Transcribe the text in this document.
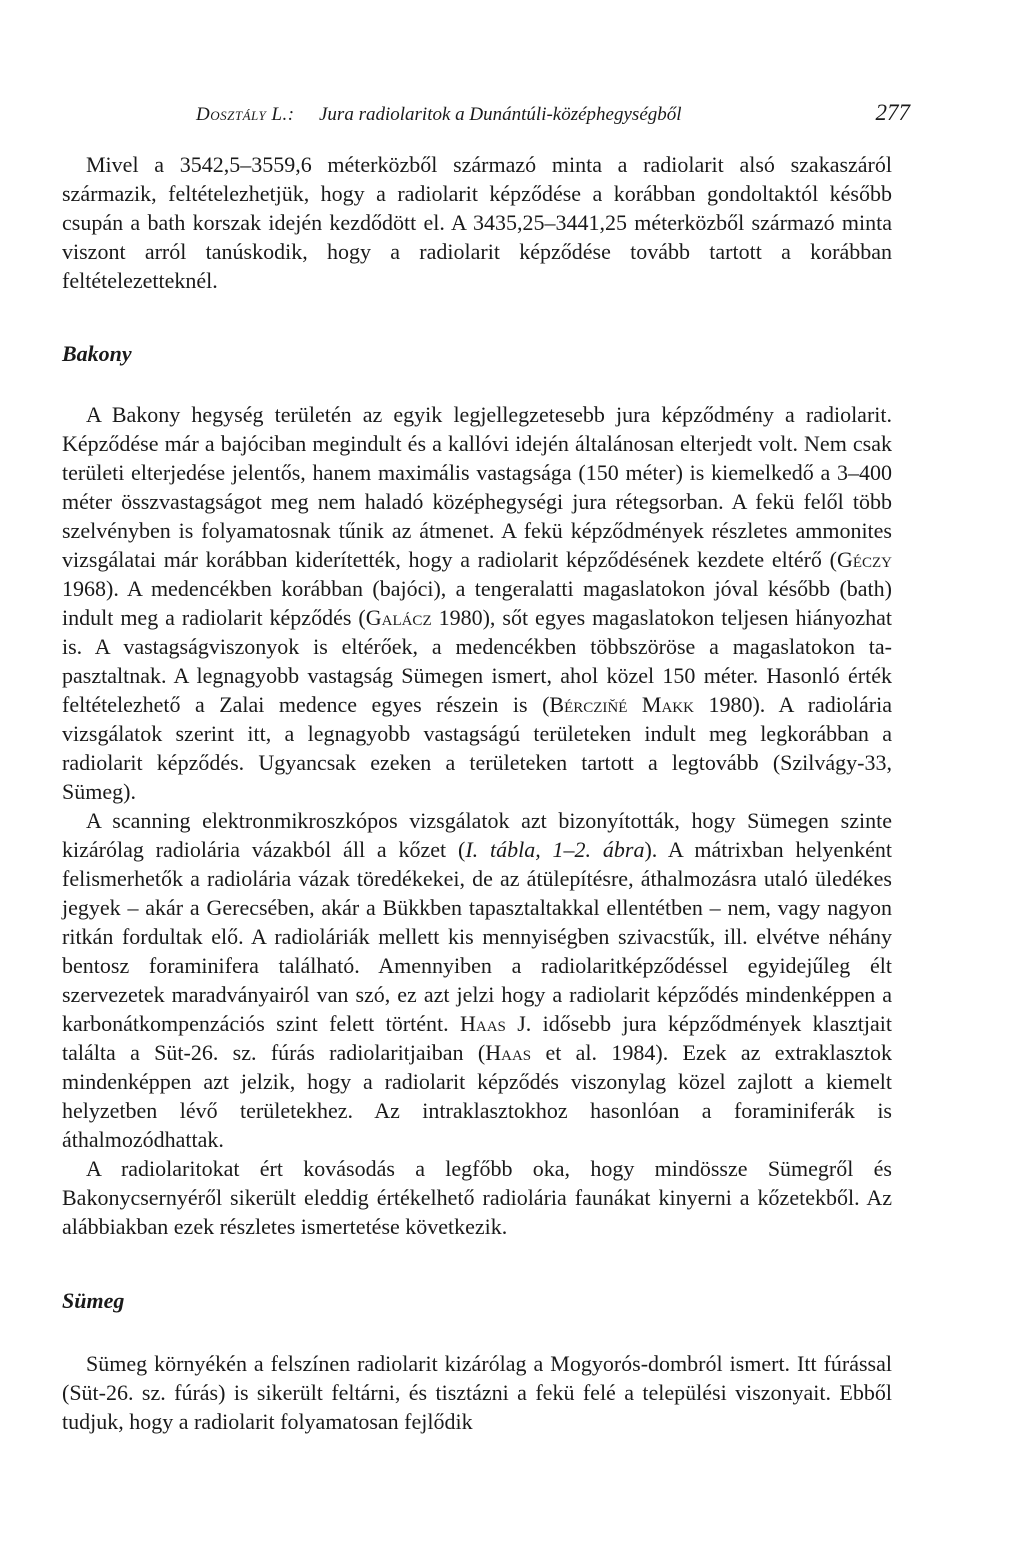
Dosztály L.: Jura radiolaritok a Dunántúli-középhegységből	277

Mivel a 3542,5–3559,6 méterközből származó minta a radiolarit alsó szakaszáról származik, feltételezhetjük, hogy a radiolarit képződése a korábban gondoltaktól később csupán a bath korszak idején kezdődött el. A 3435,25–3441,25 méterközből származó minta viszont arról tanúskodik, hogy a radiolarit képződése tovább tartott a korábban feltételezetteknél.

Bakony

A Bakony hegység területén az egyik legjellegzetesebb jura képződmény a radiolarit. Képződése már a bajóciban megindult és a kallóvi idején általánosan elterjedt volt. Nem csak területi elterjedése jelentős, hanem maximális vastagsága (150 méter) is kiemelkedő a 3–400 méter összvastagságot meg nem haladó középhegységi jura rétegsorban. A fekü felől több szelvényben is folyamatosnak tűnik az átmenet. A fekü képződmények részletes ammonites vizsgálatai már korábban kiderítették, hogy a radiolarit képződésének kezdete eltérő (Géczy 1968). A medencékben korábban (bajóci), a tengeralatti magaslatokon jóval később (bath) indult meg a radiolarit képződés (Galácz 1980), sőt egyes magaslatokon teljesen hiányozhat is. A vastagságviszonyok is eltérőek, a medencékben többszöröse a magaslatokon tapasztaltnak. A legnagyobb vastagság Sümegen ismert, ahol közel 150 méter. Hasonló érték feltételezhető a Zalai medence egyes részein is (Bérczin̆é Makk 1980). A radiolária vizsgálatok szerint itt, a legnagyobb vastagságú területeken indult meg legkorábban a radiolarit képződés. Ugyancsak ezeken a területeken tartott a legtovább (Szilvágy-33, Sümeg).

A scanning elektronmikroszkópos vizsgálatok azt bizonyították, hogy Sümegen szinte kizárólag radiolária vázakból áll a kőzet (I. tábla, 1–2. ábra). A mátrixban helyenként felismerhetők a radiolária vázak töredékekei, de az átülepítésre, áthalmozásra utaló üledékes jegyek – akár a Gerecsében, akár a Bükkben tapasztaltakkal ellentétben – nem, vagy nagyon ritkán fordultak elő. A radioláriák mellett kis mennyiségben szivacstűk, ill. elvétve néhány bentosz foraminifera található. Amennyiben a radiolaritképződéssel egyidejűleg élt szervezetek maradványairól van szó, ez azt jelzi hogy a radiolarit képződés mindenképpen a karbonátkompenzációs szint felett történt. Haas J. idősebb jura képződmények klasztjait találta a Süt-26. sz. fúrás radiolaritjaiban (Haas et al. 1984). Ezek az extraklasztok mindenképpen azt jelzik, hogy a radiolarit képződés viszonylag közel zajlott a kiemelt helyzetben lévő területekhez. Az intraklasztokhoz hasonlóan a foraminiferák is áthalmozódhattak.

A radiolaritokat ért kovásodás a legfőbb oka, hogy mindössze Sümegről és Bakonycsernyéről sikerült eleddig értékelhető radiolária faunákat kinyerni a kőzetekből. Az alábbiakban ezek részletes ismertetése következik.

Sümeg

Sümeg környékén a felszínen radiolarit kizárólag a Mogyorós-dombról ismert. Itt fúrással (Süt-26. sz. fúrás) is sikerült feltárni, és tisztázni a fekü felé a települési viszonyait. Ebből tudjuk, hogy a radiolarit folyamatosan fejlődik
